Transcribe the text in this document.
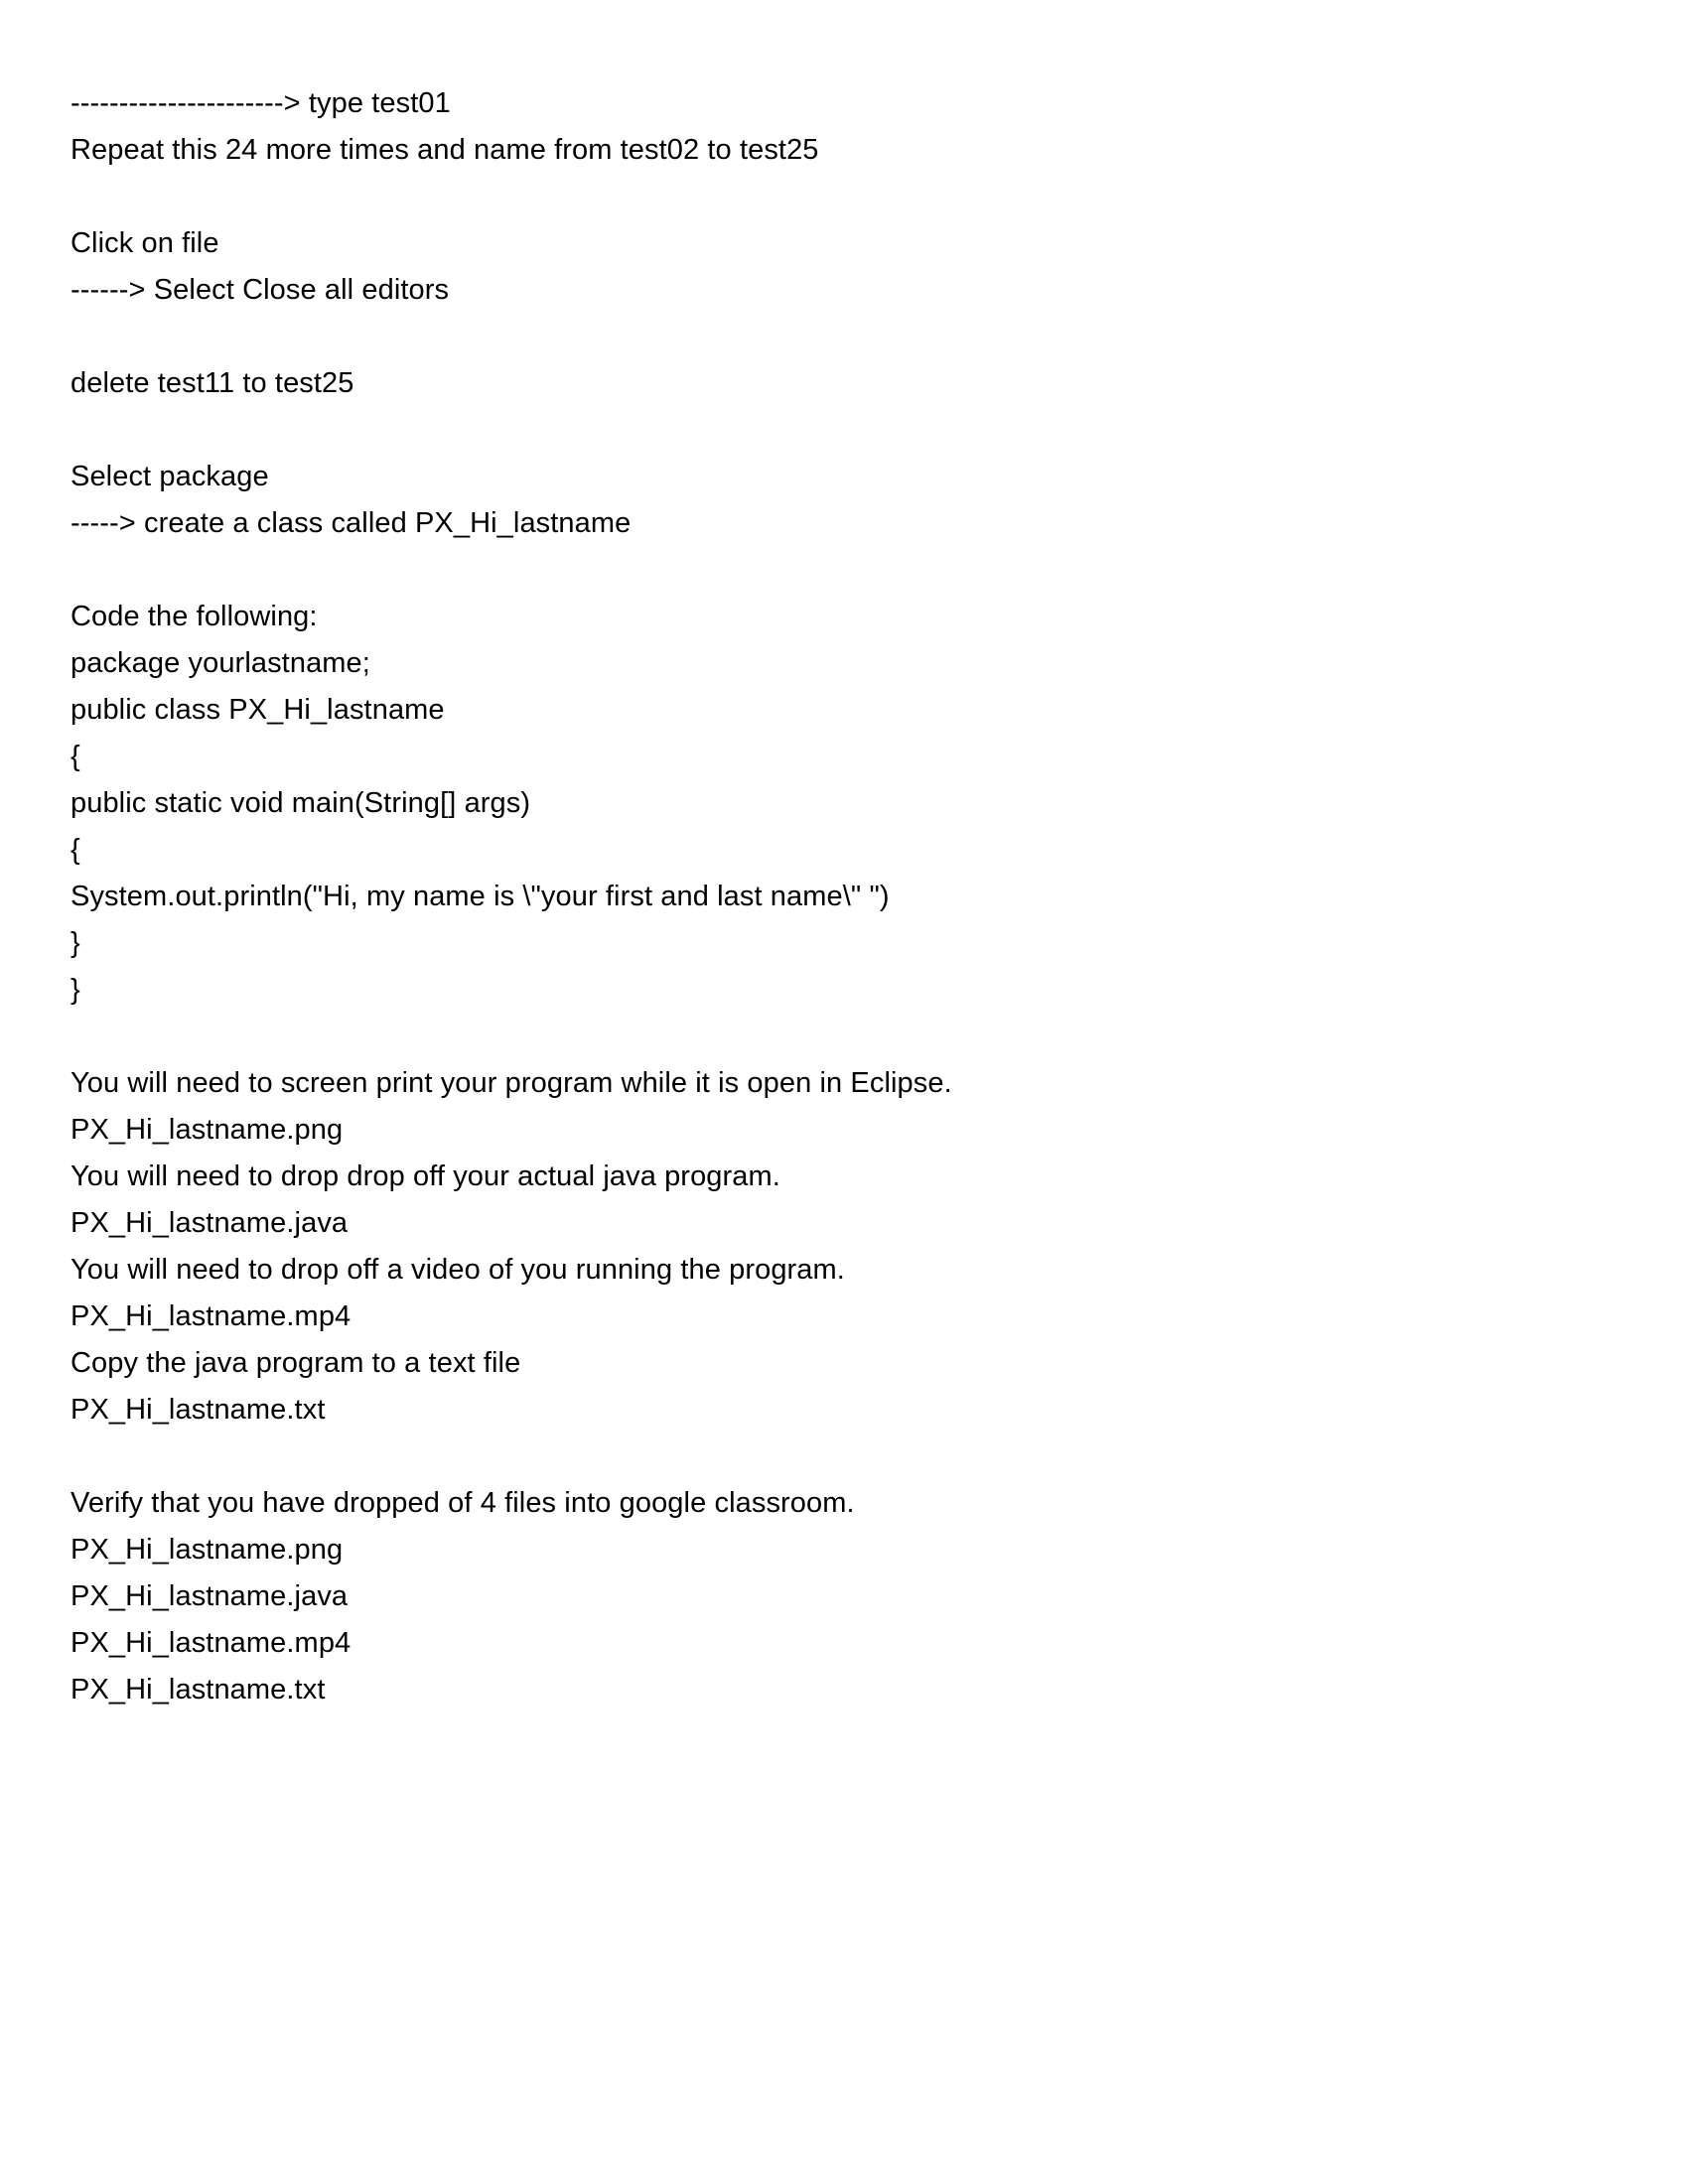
----------------------> type test01
Repeat this 24 more times and name from test02 to test25
Click on file
------> Select Close all editors
delete test11 to test25
Select package
-----> create a class called PX_Hi_lastname
Code the following:
package yourlastname;
public class PX_Hi_lastname
{
public static void main(String[] args)
{
System.out.println("Hi, my name is \"your first and last name\" ")
}
}
You will need to screen print your program while it is open in Eclipse.
PX_Hi_lastname.png
You will need to drop drop off your actual java program.
PX_Hi_lastname.java
You will need to drop off a video of you running the program.
PX_Hi_lastname.mp4
Copy the java program to a text file
PX_Hi_lastname.txt
Verify that you have dropped of 4 files into google classroom.
PX_Hi_lastname.png
PX_Hi_lastname.java
PX_Hi_lastname.mp4
PX_Hi_lastname.txt
